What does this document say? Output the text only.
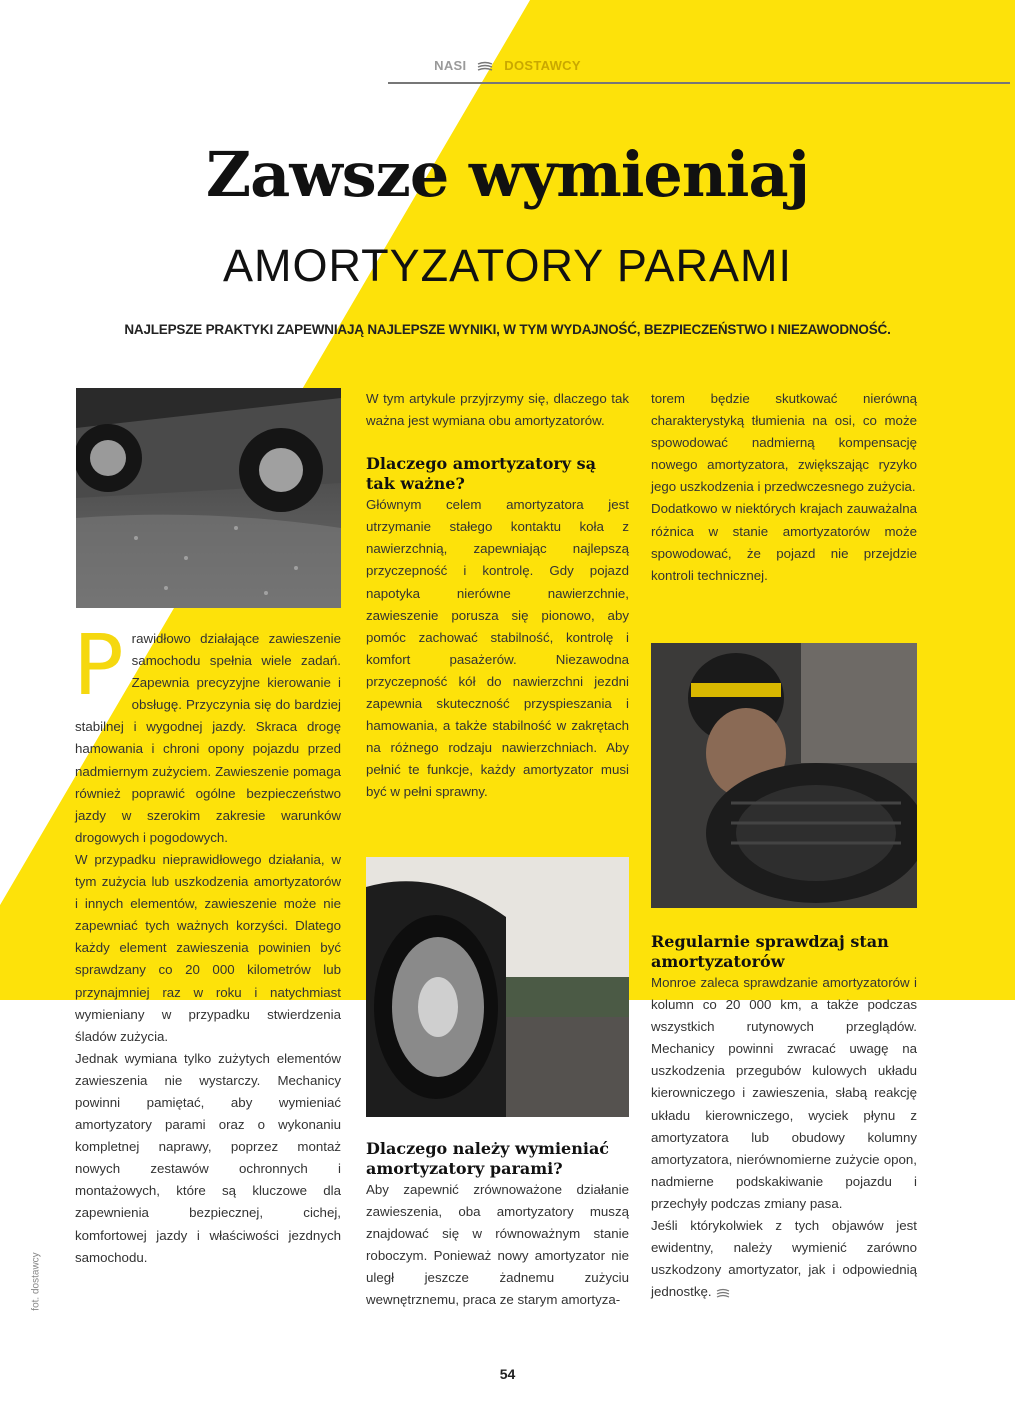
NASI	DOSTAWCY
Zawsze wymieniaj
AMORTYZATORY PARAMI
NAJLEPSZE PRAKTYKI ZAPEWNIAJĄ NAJLEPSZE WYNIKI, W TYM WYDAJNOŚĆ, BEZPIECZEŃSTWO I NIEZAWODNOŚĆ.
P rawidłowo działające zawieszenie samochodu spełnia wiele zadań. Zapewnia precyzyjne kierowanie i obsługę. Przyczynia się do bardziej stabilnej i wygodnej jazdy. Skraca drogę hamowania i chroni opony pojazdu przed nadmiernym zużyciem. Zawieszenie pomaga również poprawić ogólne bezpieczeństwo jazdy w szerokim zakresie warunków drogowych i pogodowych.

W przypadku nieprawidłowego działania, w tym zużycia lub uszkodzenia amortyzatorów i innych elementów, zawieszenie może nie zapewniać tych ważnych korzyści. Dlatego każdy element zawieszenia powinien być sprawdzany co 20 000 kilometrów lub przynajmniej raz w roku i natychmiast wymieniany w przypadku stwierdzenia śladów zużycia.

Jednak wymiana tylko zużytych elementów zawieszenia nie wystarczy. Mechanicy powinni pamiętać, aby wymieniać amortyzatory parami oraz o wykonaniu kompletnej naprawy, poprzez montaż nowych zestawów ochronnych i montażowych, które są kluczowe dla zapewnienia bezpiecznej, cichej, komfortowej jazdy i właściwości jezdnych samochodu.

W tym artykule przyjrzymy się, dlaczego tak ważna jest wymiana obu amortyzatorów.

Dlaczego amortyzatory są tak ważne?

Głównym celem amortyzatora jest utrzymanie stałego kontaktu koła z nawierzchnią, zapewniając najlepszą przyczepność i kontrolę. Gdy pojazd napotyka nierówne nawierzchnie, zawieszenie porusza się pionowo, aby pomóc zachować stabilność, kontrolę i komfort pasażerów. Niezawodna przyczepność kół do nawierzchni jezdni zapewnia skuteczność przyspieszania i hamowania, a także stabilność w zakrętach na różnego rodzaju nawierzchniach. Aby pełnić te funkcje, każdy amortyzator musi być w pełni sprawny.

Dlaczego należy wymieniać amortyzatory parami?

Aby zapewnić zrównoważone działanie zawieszenia, oba amortyzatory muszą znajdować się w równoważnym stanie roboczym. Ponieważ nowy amortyzator nie uległ jeszcze żadnemu zużyciu wewnętrznemu, praca ze starym amortyza-

torem będzie skutkować nierówną charakterystyką tłumienia na osi, co może spowodować nadmierną kompensację nowego amortyzatora, zwiększając ryzyko jego uszkodzenia i przedwczesnego zużycia.

Dodatkowo w niektórych krajach zauważalna różnica w stanie amortyzatorów może spowodować, że pojazd nie przejdzie kontroli technicznej.

Regularnie sprawdzaj stan amortyzatorów

Monroe zaleca sprawdzanie amortyzatorów i kolumn co 20 000 km, a także podczas wszystkich rutynowych przeglądów. Mechanicy powinni zwracać uwagę na uszkodzenia przegubów kulowych układu kierowniczego i zawieszenia, słabą reakcję układu kierowniczego, wyciek płynu z amortyzatora lub obudowy kolumny amortyzatora, nierównomierne zużycie opon, nadmierne podskakiwanie pojazdu i przechyły podczas zmiany pasa.

Jeśli którykolwiek z tych objawów jest ewidentny, należy wymienić zarówno uszkodzony amortyzator, jak i odpowiednią jednostkę.

fot. dostawcy
54
